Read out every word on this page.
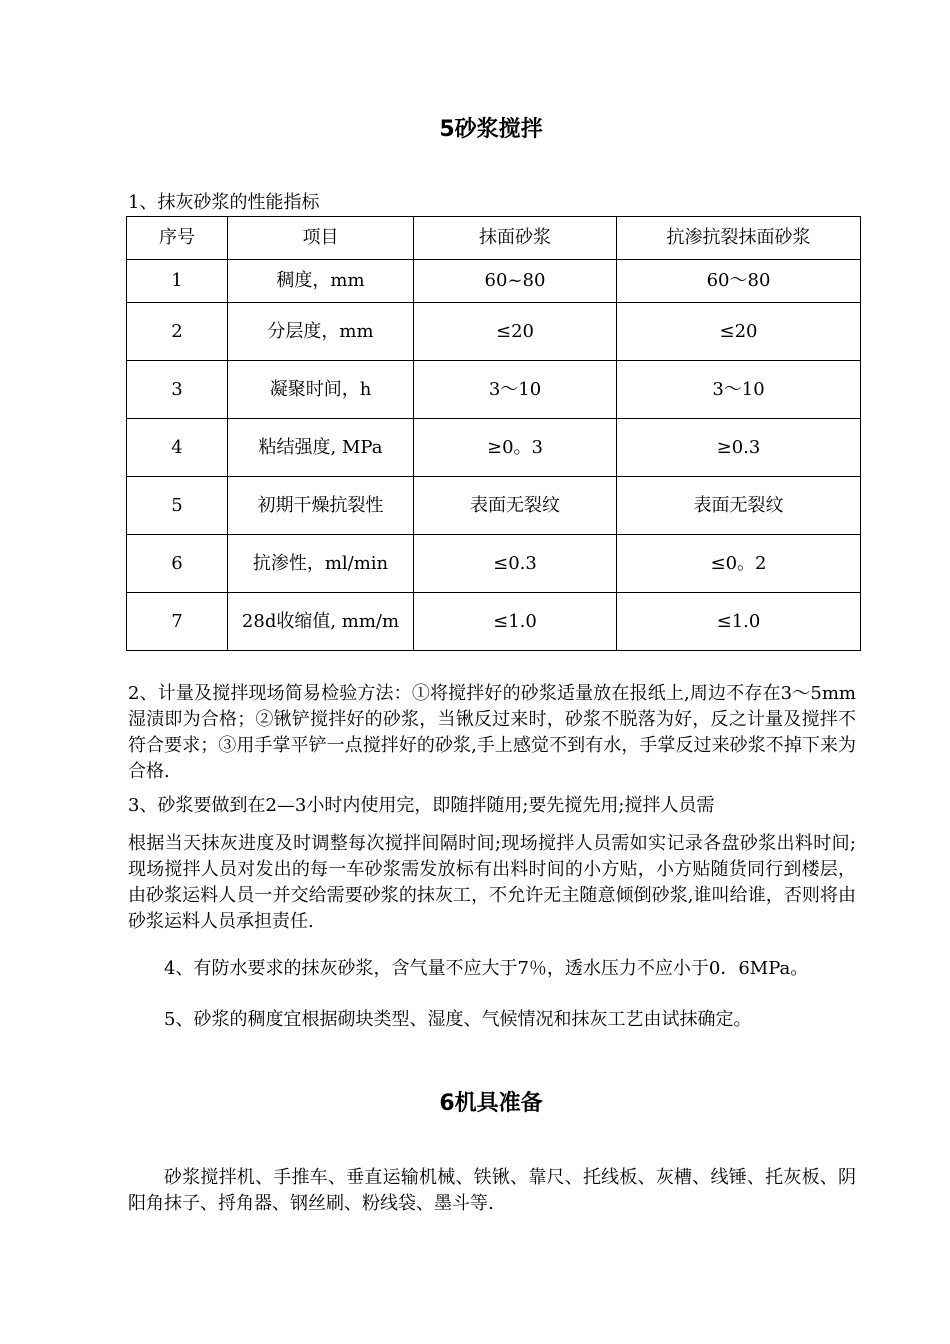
5砂浆搅拌

1、抹灰砂浆的性能指标

序号	项目	抹面砂浆	抗渗抗裂抹面砂浆
1	稠度，mm	60~80	60～80
2	分层度，mm	≤20	≤20
3	凝聚时间，h	3～10	3～10
4	粘结强度, MPa	≥0。3	≥0.3
5	初期干燥抗裂性	表面无裂纹	表面无裂纹
6	抗渗性，ml/min	≤0.3	≤0。2
7	28d收缩值, mm/m	≤1.0	≤1.0

2、计量及搅拌现场简易检验方法：①将搅拌好的砂浆适量放在报纸上,周边不存在3～5mm湿渍即为合格；②锹铲搅拌好的砂浆，当锹反过来时，砂浆不脱落为好，反之计量及搅拌不符合要求；③用手掌平铲一点搅拌好的砂浆,手上感觉不到有水，手掌反过来砂浆不掉下来为合格.

3、砂浆要做到在2—3小时内使用完，即随拌随用;要先搅先用;搅拌人员需

根据当天抹灰进度及时调整每次搅拌间隔时间;现场搅拌人员需如实记录各盘砂浆出料时间;现场搅拌人员对发出的每一车砂浆需发放标有出料时间的小方贴，小方贴随货同行到楼层，由砂浆运料人员一并交给需要砂浆的抹灰工，不允许无主随意倾倒砂浆,谁叫给谁，否则将由砂浆运料人员承担责任.

4、有防水要求的抹灰砂浆，含气量不应大于7％，透水压力不应小于0．6MPa。

5、砂浆的稠度宜根据砌块类型、湿度、气候情况和抹灰工艺由试抹确定。

6机具准备

砂浆搅拌机、手推车、垂直运输机械、铁锹、靠尺、托线板、灰槽、线锤、托灰板、阴阳角抹子、捋角器、钢丝刷、粉线袋、墨斗等.
